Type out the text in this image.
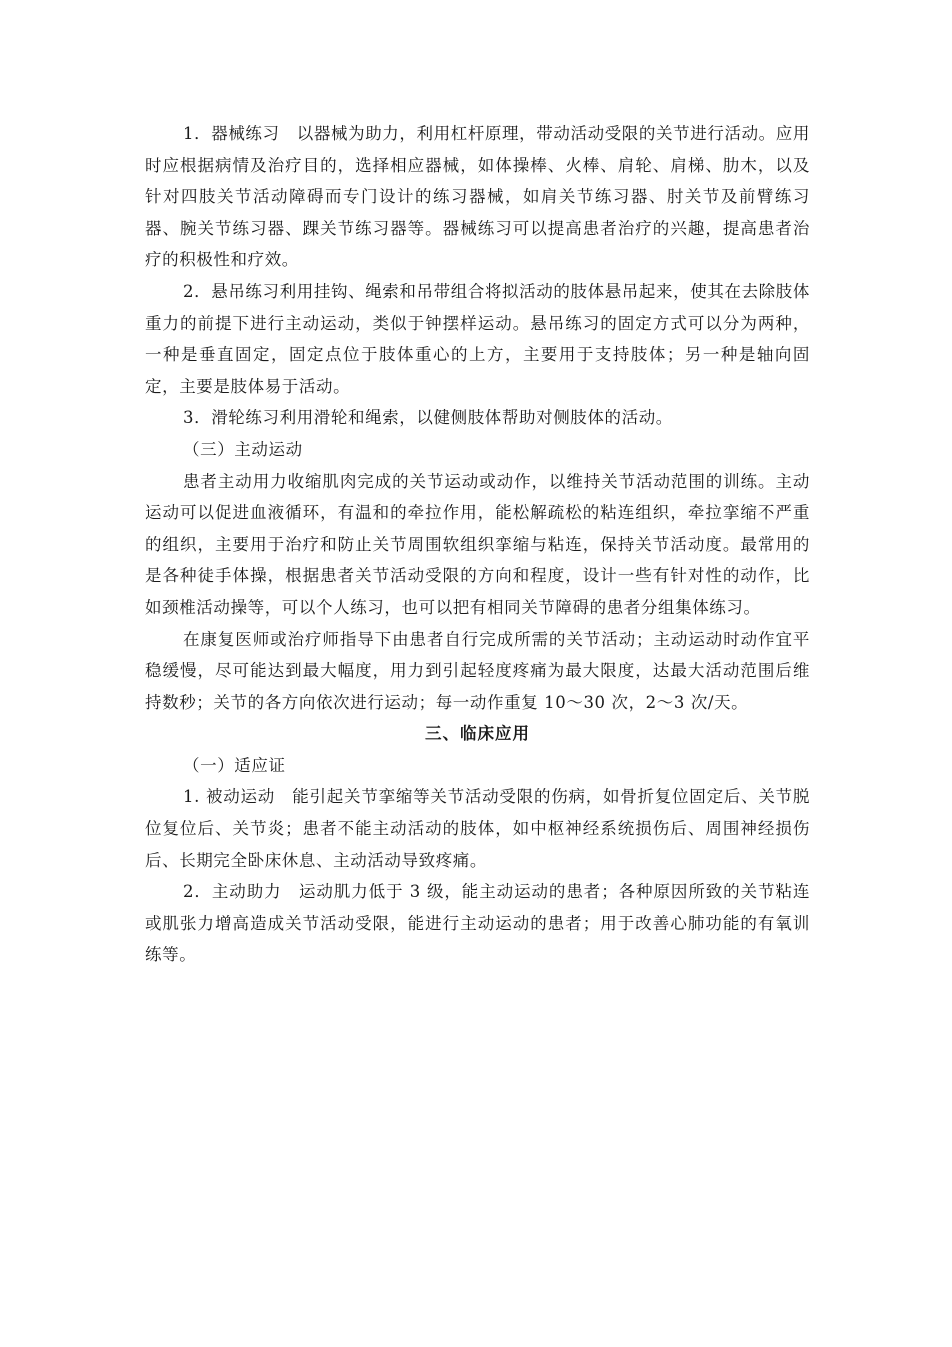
1．器械练习　以器械为助力，利用杠杆原理，带动活动受限的关节进行活动。应用时应根据病情及治疗目的，选择相应器械，如体操棒、火棒、肩轮、肩梯、肋木，以及针对四肢关节活动障碍而专门设计的练习器械，如肩关节练习器、肘关节及前臂练习器、腕关节练习器、踝关节练习器等。器械练习可以提高患者治疗的兴趣，提高患者治疗的积极性和疗效。

2．悬吊练习利用挂钩、绳索和吊带组合将拟活动的肢体悬吊起来，使其在去除肢体重力的前提下进行主动运动，类似于钟摆样运动。悬吊练习的固定方式可以分为两种，一种是垂直固定，固定点位于肢体重心的上方，主要用于支持肢体；另一种是轴向固定，主要是肢体易于活动。

3．滑轮练习利用滑轮和绳索，以健侧肢体帮助对侧肢体的活动。

（三）主动运动

患者主动用力收缩肌肉完成的关节运动或动作，以维持关节活动范围的训练。主动运动可以促进血液循环，有温和的牵拉作用，能松解疏松的粘连组织，牵拉挛缩不严重的组织，主要用于治疗和防止关节周围软组织挛缩与粘连，保持关节活动度。最常用的是各种徒手体操，根据患者关节活动受限的方向和程度，设计一些有针对性的动作，比如颈椎活动操等，可以个人练习，也可以把有相同关节障碍的患者分组集体练习。

在康复医师或治疗师指导下由患者自行完成所需的关节活动；主动运动时动作宜平稳缓慢，尽可能达到最大幅度，用力到引起轻度疼痛为最大限度，达最大活动范围后维持数秒；关节的各方向依次进行运动；每一动作重复 10～30 次，2～3 次/天。

三、临床应用

（一）适应证

1. 被动运动　能引起关节挛缩等关节活动受限的伤病，如骨折复位固定后、关节脱位复位后、关节炎；患者不能主动活动的肢体，如中枢神经系统损伤后、周围神经损伤后、长期完全卧床休息、主动活动导致疼痛。

2．主动助力　运动肌力低于 3 级，能主动运动的患者；各种原因所致的关节粘连或肌张力增高造成关节活动受限，能进行主动运动的患者；用于改善心肺功能的有氧训练等。
